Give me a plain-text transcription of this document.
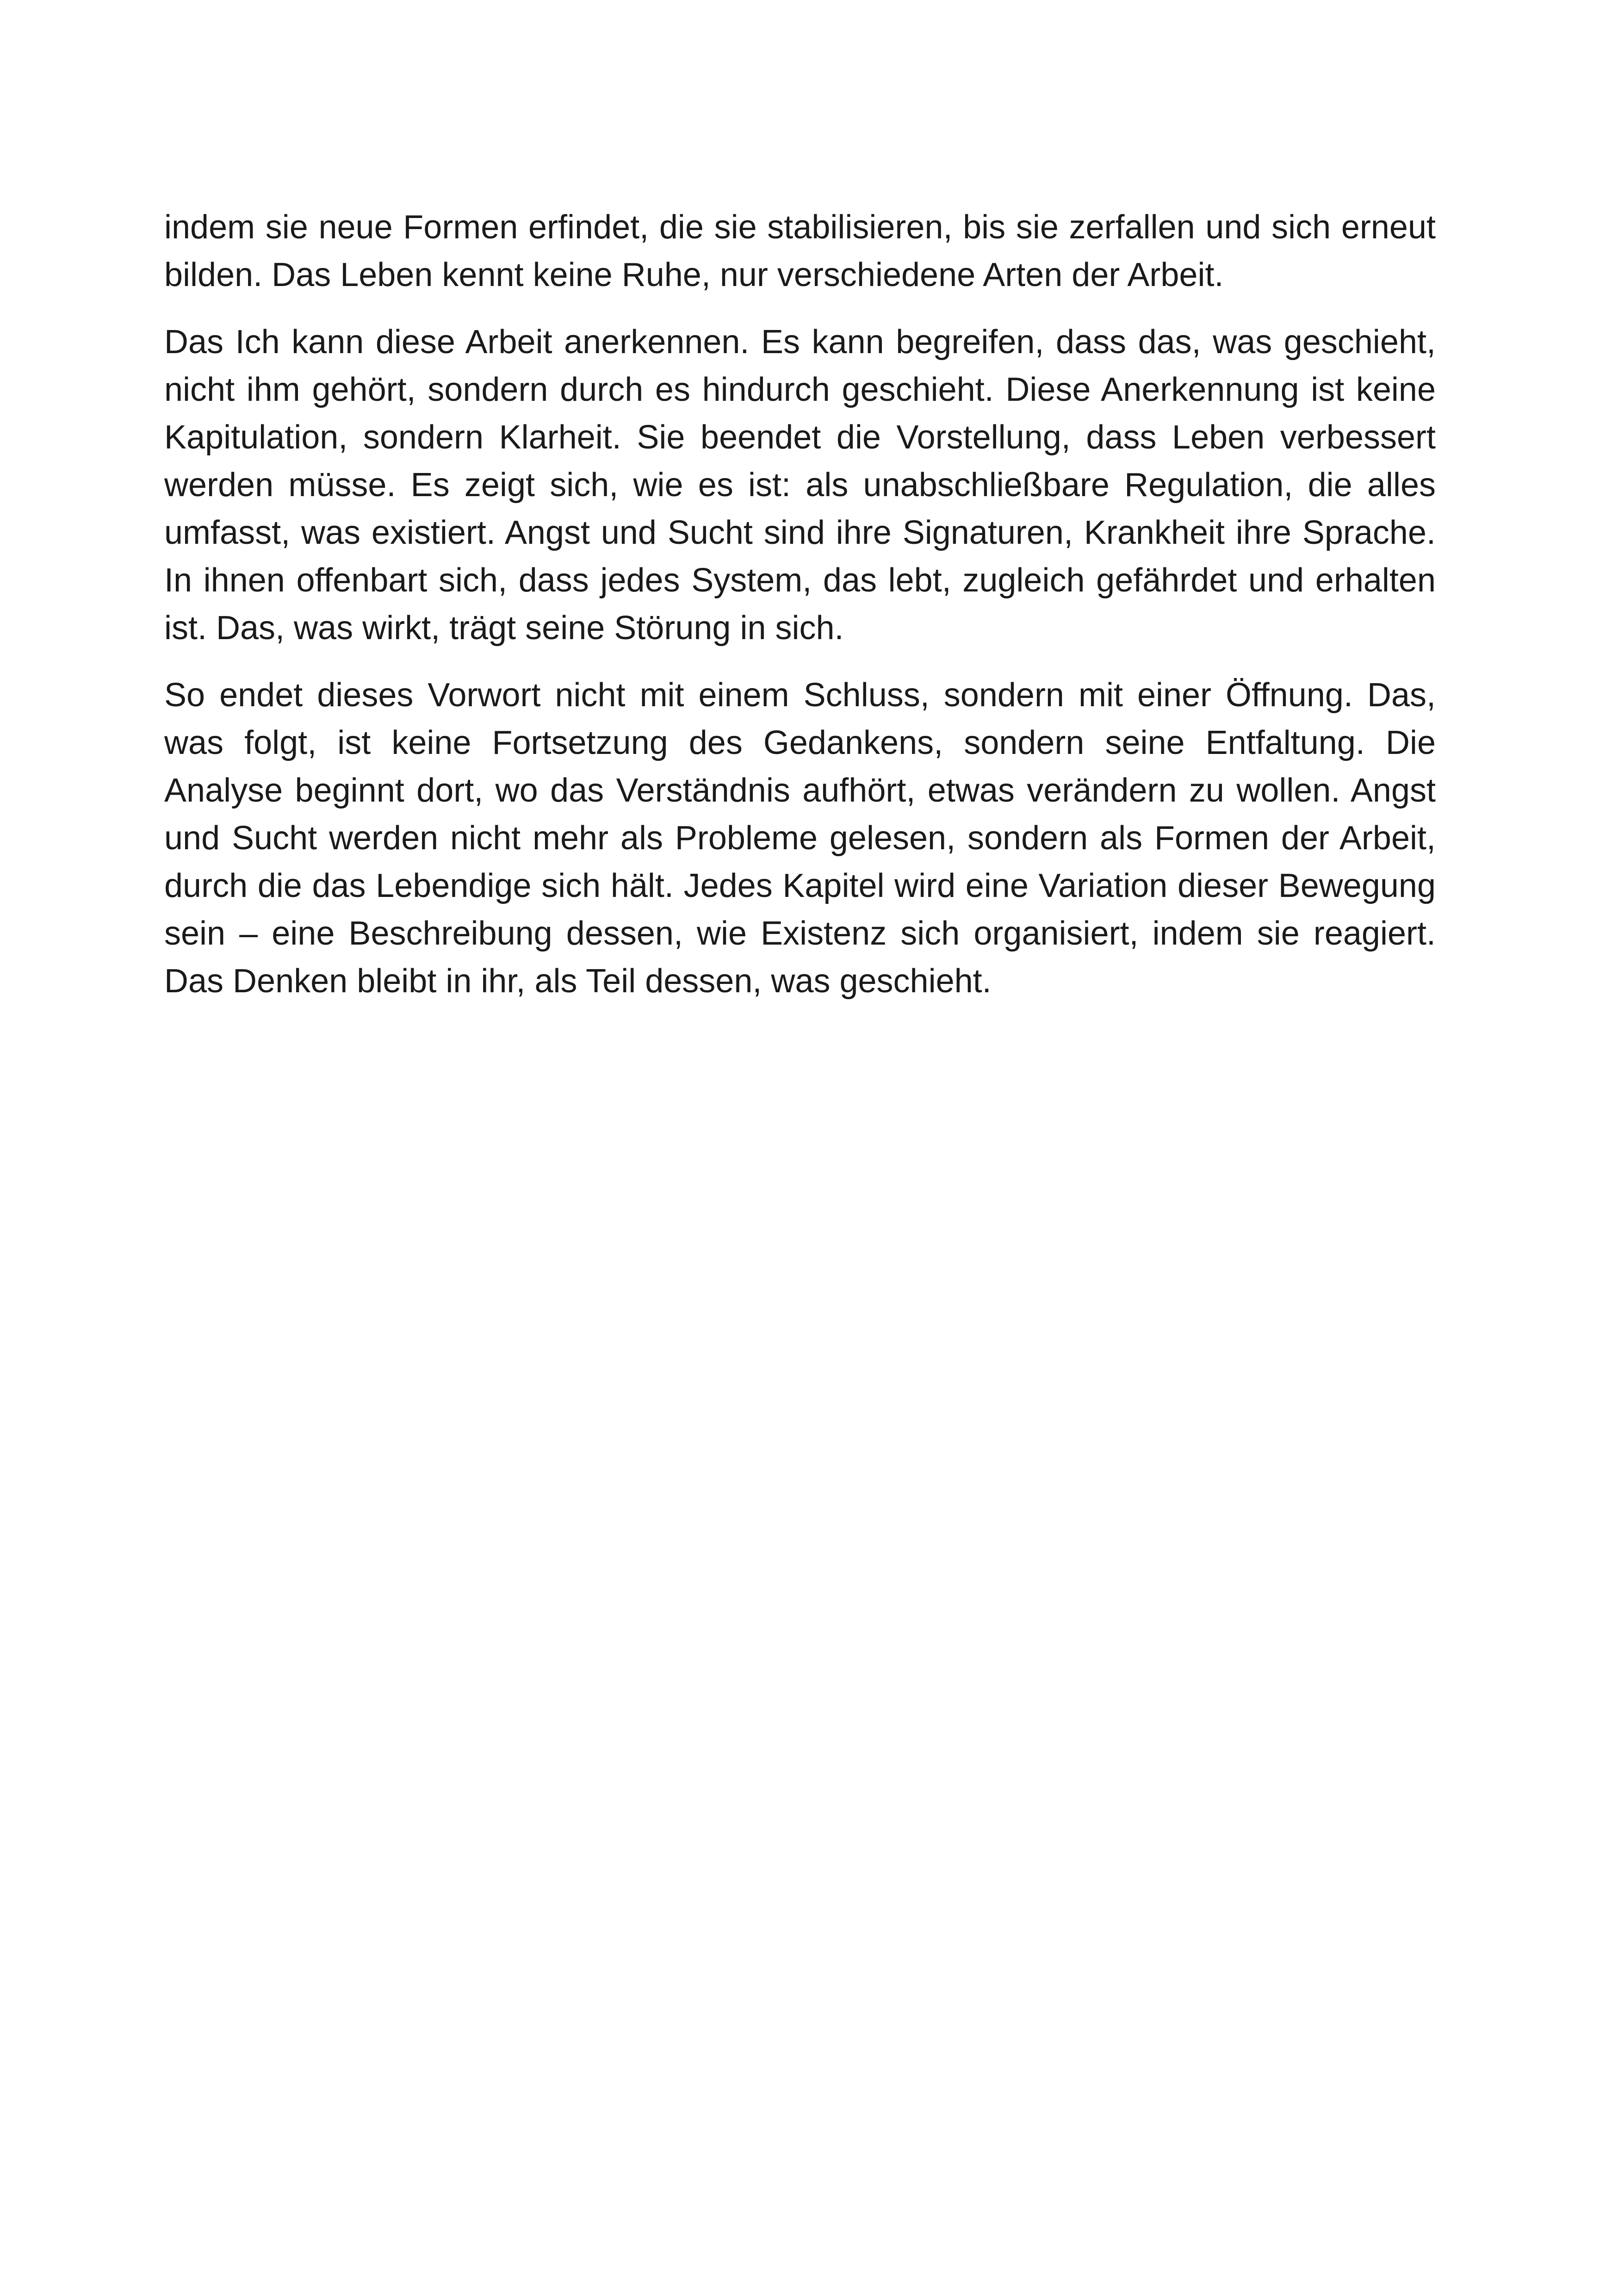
indem sie neue Formen erfindet, die sie stabilisieren, bis sie zerfallen und sich erneut bilden. Das Leben kennt keine Ruhe, nur verschiedene Arten der Arbeit.

Das Ich kann diese Arbeit anerkennen. Es kann begreifen, dass das, was geschieht, nicht ihm gehört, sondern durch es hindurch geschieht. Diese Anerkennung ist keine Kapitulation, sondern Klarheit. Sie beendet die Vorstellung, dass Leben verbessert werden müsse. Es zeigt sich, wie es ist: als unabschließbare Regulation, die alles umfasst, was existiert. Angst und Sucht sind ihre Signaturen, Krankheit ihre Sprache. In ihnen offenbart sich, dass jedes System, das lebt, zugleich gefährdet und erhalten ist. Das, was wirkt, trägt seine Störung in sich.

So endet dieses Vorwort nicht mit einem Schluss, sondern mit einer Öffnung. Das, was folgt, ist keine Fortsetzung des Gedankens, sondern seine Entfaltung. Die Analyse beginnt dort, wo das Verständnis aufhört, etwas verändern zu wollen. Angst und Sucht werden nicht mehr als Probleme gelesen, sondern als Formen der Arbeit, durch die das Lebendige sich hält. Jedes Kapitel wird eine Variation dieser Bewegung sein – eine Beschreibung dessen, wie Existenz sich organisiert, indem sie reagiert. Das Denken bleibt in ihr, als Teil dessen, was geschieht.
